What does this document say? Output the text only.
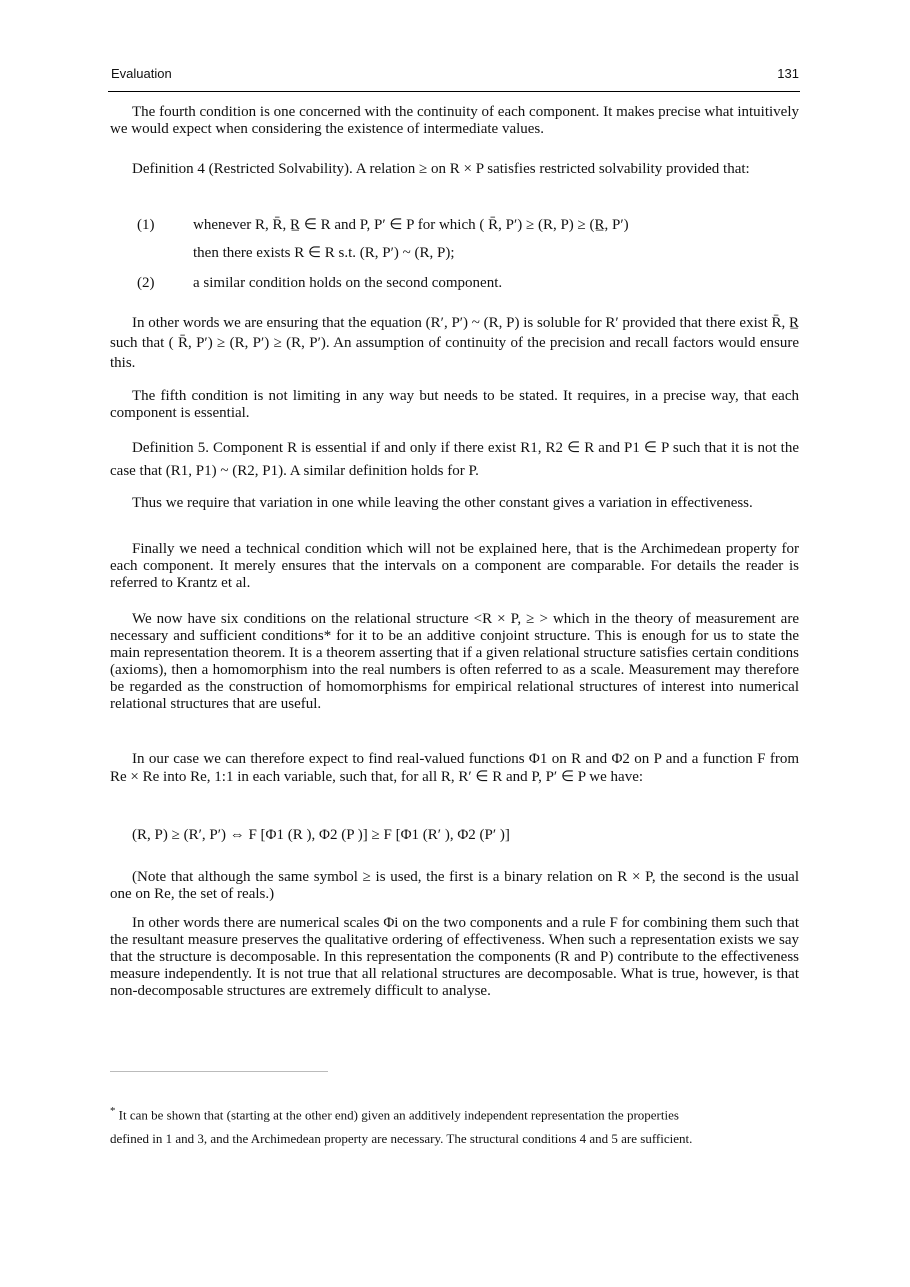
Evaluation	131
The fourth condition is one concerned with the continuity of each component. It makes precise what intuitively we would expect when considering the existence of intermediate values.
Definition 4 (Restricted Solvability). A relation ≥ on R × P satisfies restricted solvability provided that:
(1)	whenever R, R̄, R̲ ∈ R and P, P′ ∈ P for which ( R̄, P′) ≥ (R, P) ≥ (R̲, P′)
then there exists R ∈ R s.t. (R, P′) ~ (R, P);
(2)	a similar condition holds on the second component.
In other words we are ensuring that the equation (R′, P′) ~ (R, P) is soluble for R′ provided that there exist R̄, R̲ such that ( R̄, P′) ≥ (R, P′) ≥ (R, P′). An assumption of continuity of the precision and recall factors would ensure this.
The fifth condition is not limiting in any way but needs to be stated. It requires, in a precise way, that each component is essential.
Definition 5. Component R is essential if and only if there exist R1, R2 ∈ R and P1 ∈ P such that it is not the case that (R1, P1) ~ (R2, P1). A similar definition holds for P.
Thus we require that variation in one while leaving the other constant gives a variation in effectiveness.
Finally we need a technical condition which will not be explained here, that is the Archimedean property for each component. It merely ensures that the intervals on a component are comparable. For details the reader is referred to Krantz et al.
We now have six conditions on the relational structure <R × P, ≥ > which in the theory of measurement are necessary and sufficient conditions* for it to be an additive conjoint structure. This is enough for us to state the main representation theorem. It is a theorem asserting that if a given relational structure satisfies certain conditions (axioms), then a homomorphism into the real numbers is often referred to as a scale. Measurement may therefore be regarded as the construction of homomorphisms for empirical relational structures of interest into numerical relational structures that are useful.
In our case we can therefore expect to find real-valued functions Φ1 on R and Φ2 on P and a function F from Re × Re into Re, 1:1 in each variable, such that, for all R, R′ ∈ R and P, P′ ∈ P we have:
(R, P) ≥ (R′, P′) ⇔ F [Φ1 (R ), Φ2 (P )] ≥ F [Φ1 (R′ ), Φ2 (P′ )]
(Note that although the same symbol ≥ is used, the first is a binary relation on R × P, the second is the usual one on Re, the set of reals.)
In other words there are numerical scales Φi on the two components and a rule F for combining them such that the resultant measure preserves the qualitative ordering of effectiveness. When such a representation exists we say that the structure is decomposable. In this representation the components (R and P) contribute to the effectiveness measure independently. It is not true that all relational structures are decomposable. What is true, however, is that non-decomposable structures are extremely difficult to analyse.
* It can be shown that (starting at the other end) given an additively independent representation the properties
defined in 1 and 3, and the Archimedean property are necessary. The structural conditions 4 and 5 are sufficient.
